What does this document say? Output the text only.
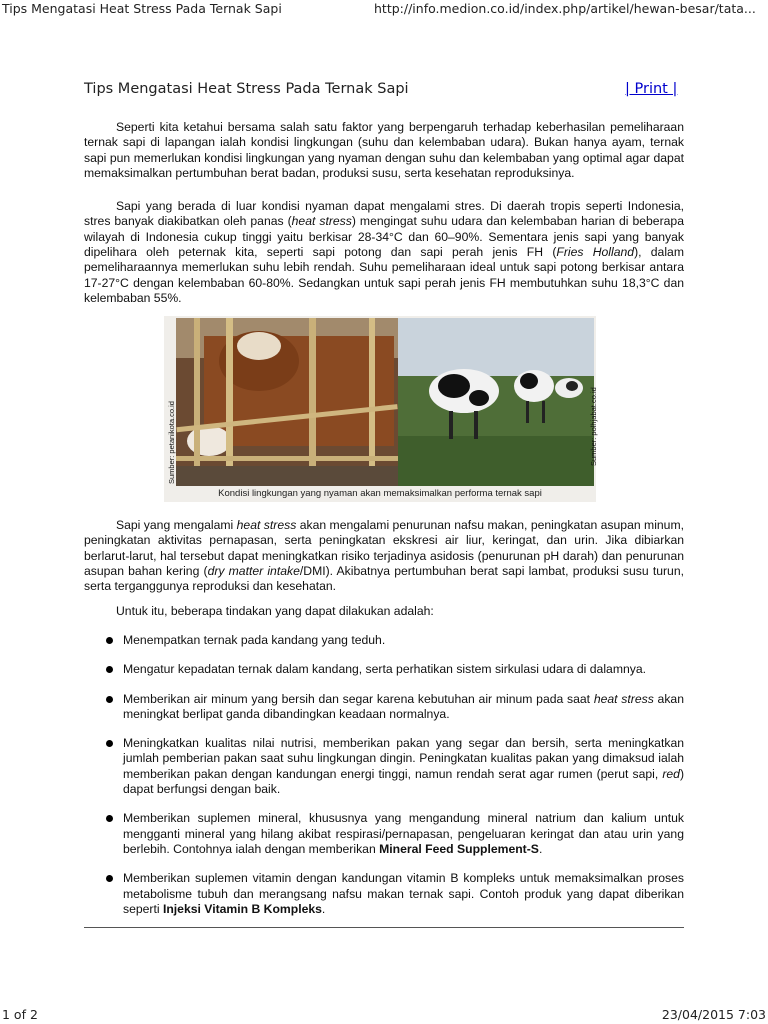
Tips Mengatasi Heat Stress Pada Ternak Sapi	http://info.medion.co.id/index.php/artikel/hewan-besar/tata...
Tips Mengatasi Heat Stress Pada Ternak Sapi	| Print |

Seperti kita ketahui bersama salah satu faktor yang berpengaruh terhadap keberhasilan pemeliharaan ternak sapi di lapangan ialah kondisi lingkungan (suhu dan kelembaban udara). Bukan hanya ayam, ternak sapi pun memerlukan kondisi lingkungan yang nyaman dengan suhu dan kelembaban yang optimal agar dapat memaksimalkan pertumbuhan berat badan, produksi susu, serta kesehatan reproduksinya.

Sapi yang berada di luar kondisi nyaman dapat mengalami stres. Di daerah tropis seperti Indonesia, stres banyak diakibatkan oleh panas (heat stress) mengingat suhu udara dan kelembaban harian di beberapa wilayah di Indonesia cukup tinggi yaitu berkisar 28-34°C dan 60–90%. Sementara jenis sapi yang banyak dipelihara oleh peternak kita, seperti sapi potong dan sapi perah jenis FH (Fries Holland), dalam pemeliharaannya memerlukan suhu lebih rendah. Suhu pemeliharaan ideal untuk sapi potong berkisar antara 17-27°C dengan kelembaban 60-80%. Sedangkan untuk sapi perah jenis FH membutuhkan suhu 18,3°C dan kelembaban 55%.

Sumber: petanikota.co.id	Sumber: polhjabat.co.id
Kondisi lingkungan yang nyaman akan memaksimalkan performa ternak sapi

Sapi yang mengalami heat stress akan mengalami penurunan nafsu makan, peningkatan asupan minum, peningkatan aktivitas pernapasan, serta peningkatan ekskresi air liur, keringat, dan urin. Jika dibiarkan berlarut-larut, hal tersebut dapat meningkatkan risiko terjadinya asidosis (penurunan pH darah) dan penurunan asupan bahan kering (dry matter intake/DMI). Akibatnya pertumbuhan berat sapi lambat, produksi susu turun, serta terganggunya reproduksi dan kesehatan.

Untuk itu, beberapa tindakan yang dapat dilakukan adalah:
Menempatkan ternak pada kandang yang teduh.
Mengatur kepadatan ternak dalam kandang, serta perhatikan sistem sirkulasi udara di dalamnya.
Memberikan air minum yang bersih dan segar karena kebutuhan air minum pada saat heat stress akan meningkat berlipat ganda dibandingkan keadaan normalnya.
Meningkatkan kualitas nilai nutrisi, memberikan pakan yang segar dan bersih, serta meningkatkan jumlah pemberian pakan saat suhu lingkungan dingin. Peningkatan kualitas pakan yang dimaksud ialah memberikan pakan dengan kandungan energi tinggi, namun rendah serat agar rumen (perut sapi, red) dapat berfungsi dengan baik.
Memberikan suplemen mineral, khususnya yang mengandung mineral natrium dan kalium untuk mengganti mineral yang hilang akibat respirasi/pernapasan, pengeluaran keringat dan atau urin yang berlebih. Contohnya ialah dengan memberikan Mineral Feed Supplement-S.
Memberikan suplemen vitamin dengan kandungan vitamin B kompleks untuk memaksimalkan proses metabolisme tubuh dan merangsang nafsu makan ternak sapi. Contoh produk yang dapat diberikan seperti Injeksi Vitamin B Kompleks.
1 of 2	23/04/2015 7:03
